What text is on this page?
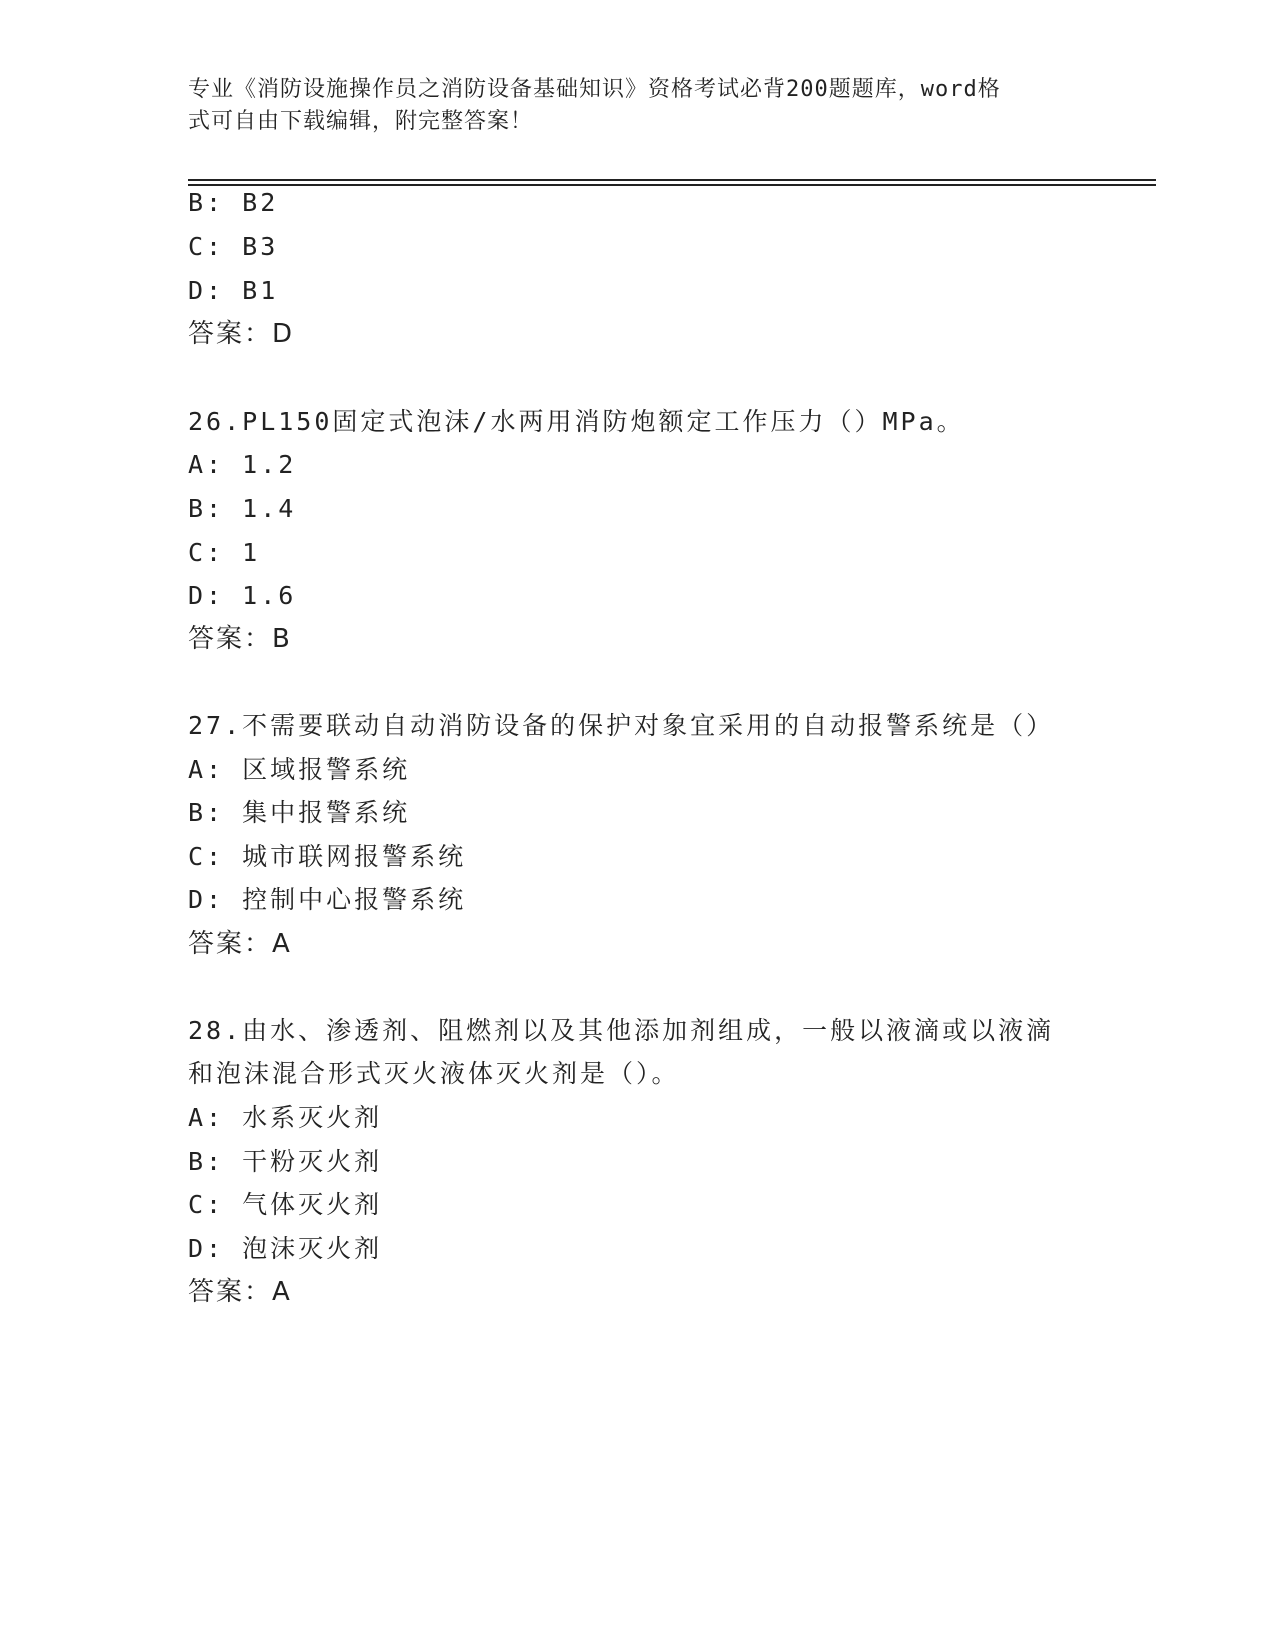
专业《消防设施操作员之消防设备基础知识》资格考试必背200题题库，word格
式可自由下载编辑，附完整答案！
B: B2
C: B3
D: B1
答案：D
26.PL150固定式泡沫/水两用消防炮额定工作压力（）MPa。
A: 1.2
B: 1.4
C: 1
D: 1.6
答案：B
27.不需要联动自动消防设备的保护对象宜采用的自动报警系统是（）
A: 区域报警系统
B: 集中报警系统
C: 城市联网报警系统
D: 控制中心报警系统
答案：A
28.由水、渗透剂、阻燃剂以及其他添加剂组成，一般以液滴或以液滴
和泡沫混合形式灭火液体灭火剂是（）。
A: 水系灭火剂
B: 干粉灭火剂
C: 气体灭火剂
D: 泡沫灭火剂
答案：A
